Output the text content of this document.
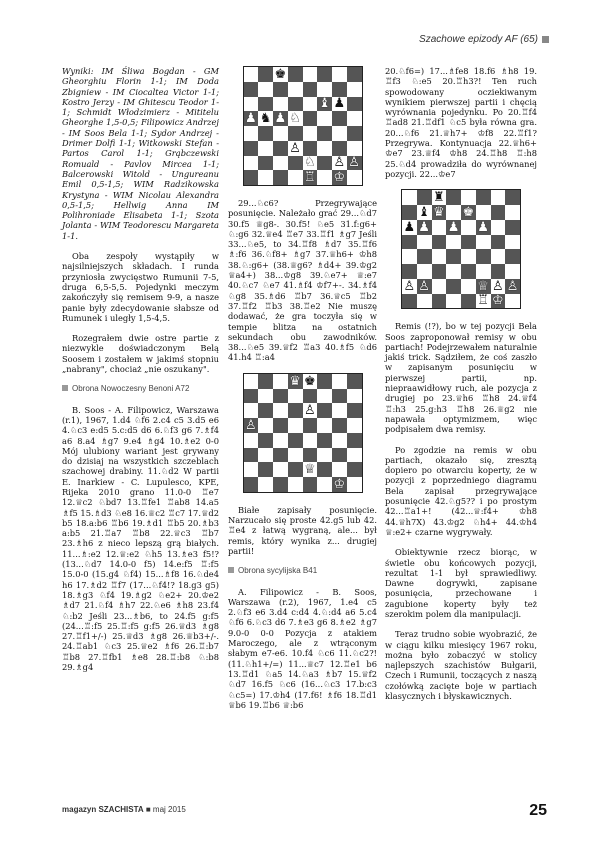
Szachowe epizody AF (65)

Wyniki: IM Śliwa Bogdan - GM Gheorghiu Florin 1-1; IM Doda Zbigniew - IM Ciocaltea Victor 1-1; Kostro Jerzy - IM Ghitescu Teodor 1-1; Schmidt Włodzimierz - Mititelu Gheorghe 1,5-0,5; Filipowicz Andrzej - IM Soos Bela 1-1; Sydor Andrzej - Drimer Dolfi 1-1; Witkowski Stefan - Partos Carol 1-1; Grąbczewski Romuald - Pavlov Mircea 1-1; Balcerowski Witold - Ungureanu Emil 0,5-1,5; WIM Radzikowska Krystyna - WIM Nicolau Alexandra 0,5-1,5; Hellwig Anna IM Polihroniade Elisabeta 1-1; Szota Jolanta - WIM Teodorescu Margareta 1-1.

Oba zespoły wystąpiły w najsilniejszych składach. I runda przyniosła zwycięstwo Rumunii 7-5, druga 6,5-5,5. Pojedynki meczym zakończyły się remisem 9-9, a nasze panie były zdecydowanie słabsze od Rumunek i uległy 1,5-4,5.

Rozegrałem dwie ostre partie z niezwykle doświadczonym Belą Soosem i zostałem w jakimś stopniu „nabrany", chociaż „nie oszukany".

Obrona Nowoczesny Benoni A72

B. Soos - A. Filipowicz, Warszawa (r.1), 1967, 1.d4 ♘f6 2.c4 c5 3.d5 e6 4.♘c3 e:d5 5.c:d5 d6 6.♘f3 g6 7.♗f4 a6 8.a4 ♗g7 9.e4 ♗g4 10.♗e2 0-0 Mój ulubiony wariant jest grywany do dzisiaj na wszystkich szczeblach szachowej drabiny. 11.♘d2 W partii E. Inarkiew - C. Lupulesco, KPE, Rijeka 2010 grano 11.0-0 ♖e7 12.♕c2 ♘bd7 13.♖fe1 ♖ab8 14.a5 ♗f5 15.♗d3 ♘e8 16.♕c2 ♖c7 17.♕d2 b5 18.a:b6 ♖b6 19.♗d1 ♖b5 20.♗b3 a:b5 21.♖a7 ♖b8 22.♕c3 ♖b7 23.♗h6 z nieco lepszą grą białych. 11...♗:e2 12.♕:e2 ♘h5 13.♗e3 f5!? (13...♘d7 14.0-0 f5) 14.e:f5 ♖:f5 15.0-0 (15.g4 ♘f4) 15...♗f8 16.♘de4 h6 17.♗d2 ♖f7 (17...♘f4!? 18.g3 g5) 18.♗g3 ♘f4 19.♗g2 ♘e2+ 20.♔e2 ♗d7 21.♘f4 ♗h7 22.♘e6 ♗h8 23.f4 ♘:b2 Jeśli 23...♗b6, to 24.f5 g:f5 (24...♖:f5 25.♖:f5 g:f5 26.♕d3 ♗g8 27.♖f1+/-) 25.♕d3 ♗g8 26.♕b3+/-. 24.♖ab1 ♘c3 25.♕e2 ♗f6 26.♖:b7 ♖b8 27.♖fb1 ♗e8 28.♖:b8 ♘:b8 29.♗g4

♚
♝ ♟
♟ ♞ ♟ ♘
♙
♘ ♙ ♙
♖ ♔

29...♘c6? Przegrywające posunięcie. Należało grać 29...♘d7 30.f5 ♕g8-. 30.f5! ♘e5 31.f:g6+ ♘:g6 32.♕e4 ♖e7 33.♖f1 ♗g7 Jeśli 33...♘e5, to 34.♖f8 ♗d7 35.♖f6 ♗:f6 36.♘f8+ ♗g7 37.♕h6+ ♔h8 38.♘:g6+ (38.♕g6? ♗d4+ 39.♔g2 ♕a4+) 38...♔g8 39.♘e7+ ♕:e7 40.♘c7 ♘e7 41.♗f4 ♔f7+-. 34.♗f4 ♘g8 35.♗d6 ♖b7 36.♕c5 ♖b2 37.♖f2 ♖b3 38.♖e2 Nie muszę dodawać, że gra toczyła się w tempie blitza na ostatnich sekundach obu zawodników. 38...♘e5 39.♕f2 ♖a3 40.♗f5 ♘d6 41.h4 ♖:a4

♛ ♚
♙
♙
♕
♔

Białe zapisały posunięcie. Narzucało się proste 42.g5 lub 42. ♖e4 z łatwą wygraną, ale... był remis, który wynika z... drugiej partii!

Obrona sycylijska B41

A. Filipowicz - B. Soos, Warszawa (r.2), 1967, 1.e4 c5 2.♘f3 e6 3.d4 c:d4 4.♘:d4 a6 5.c4 ♘f6 6.♘c3 d6 7.♗e3 g6 8.♗e2 ♗g7 9.0-0 0-0 Pozycja z atakiem Maroczego, ale z wtrąconym słabym e7-e6. 10.f4 ♘c6 11.♘c2?! (11.♘h1+/=) 11...♕c7 12.♖e1 b6 13.♖d1 ♘a5 14.♘a3 ♗b7 15.♕f2 ♘d7 16.f5 ♘c6 (16...♘c3 17.b:c3 ♘c5=) 17.♔h4 (17.f6! ♗f6 18.♖d1 ♕b6 19.♖b6 ♕:b6

20.♘f6=) 17...♗fe8 18.f6 ♗h8 19. ♖f3 ♘:e5 20.♖h3?! Ten ruch spowodowany ocziekiwanym wynikiem pierwszej partii i chęcią wyrównania pojedynku. Po 20.♖f4 ♖ad8 21.♖df1 ♘c5 była równa gra. 20...♘f6 21.♕h7+ ♔f8 22.♖f1? Przegrywa. Kontynuacja 22.♕h6+ ♔e7 23.♕f4 ♔h8 24.♖h8 ♖:h8 25.♘d4 prowadziła do wyrównanej pozycji. 22...♔e7

♜
♝ ♛ ♚
♟ ♟ ♟ ♟
♙ ♙	♕ ♙ ♙
♖ ♔

Remis (!?), bo w tej pozycji Bela Soos zaproponował remisy w obu partiach! Podejrzewałem naturalnie jakiś trick. Sądziłem, że coś zaszło w zapisanym posunięciu w pierwszej partii, np. niepraawidłowy ruch, ale pozycja z drugiej po 23.♕h6 ♖h8 24.♕f4 ♖:h3 25.g:h3 ♖h8 26.♕g2 nie napawała optymizmem, więc podpisałem dwa remisy.

Po zgodzie na remis w obu partiach, okazało się, zresztą dopiero po otwarciu koperty, że w pozycji z poprzedniego diagramu Bela zapisał przegrywające posunięcie 42.♘g5?? i po prostym 42...♖a1+! (42...♕:f4+ ♔h8 44.♕h7X) 43.♔g2 ♘h4+ 44.♔h4 ♕:e2+ czarne wygrywały.

Obiektywnie rzecz biorąc, w świetle obu końcowych pozycji, rezultat 1-1 był sprawiedliwy. Dawne dogrywki, zapisane posunięcia, przechowane i zagubione koperty były też szerokim polem dla manipulacji.

Teraz trudno sobie wyobrazić, że w ciągu kilku miesięcy 1967 roku, można było zobaczyć w stolicy najlepszych szachistów Bułgarii, Czech i Rumunii, toczących z naszą czołówką zacięte boje w partiach klasycznych i błyskawicznych.

magazyn SZACHISTA ■ maj 2015	25
